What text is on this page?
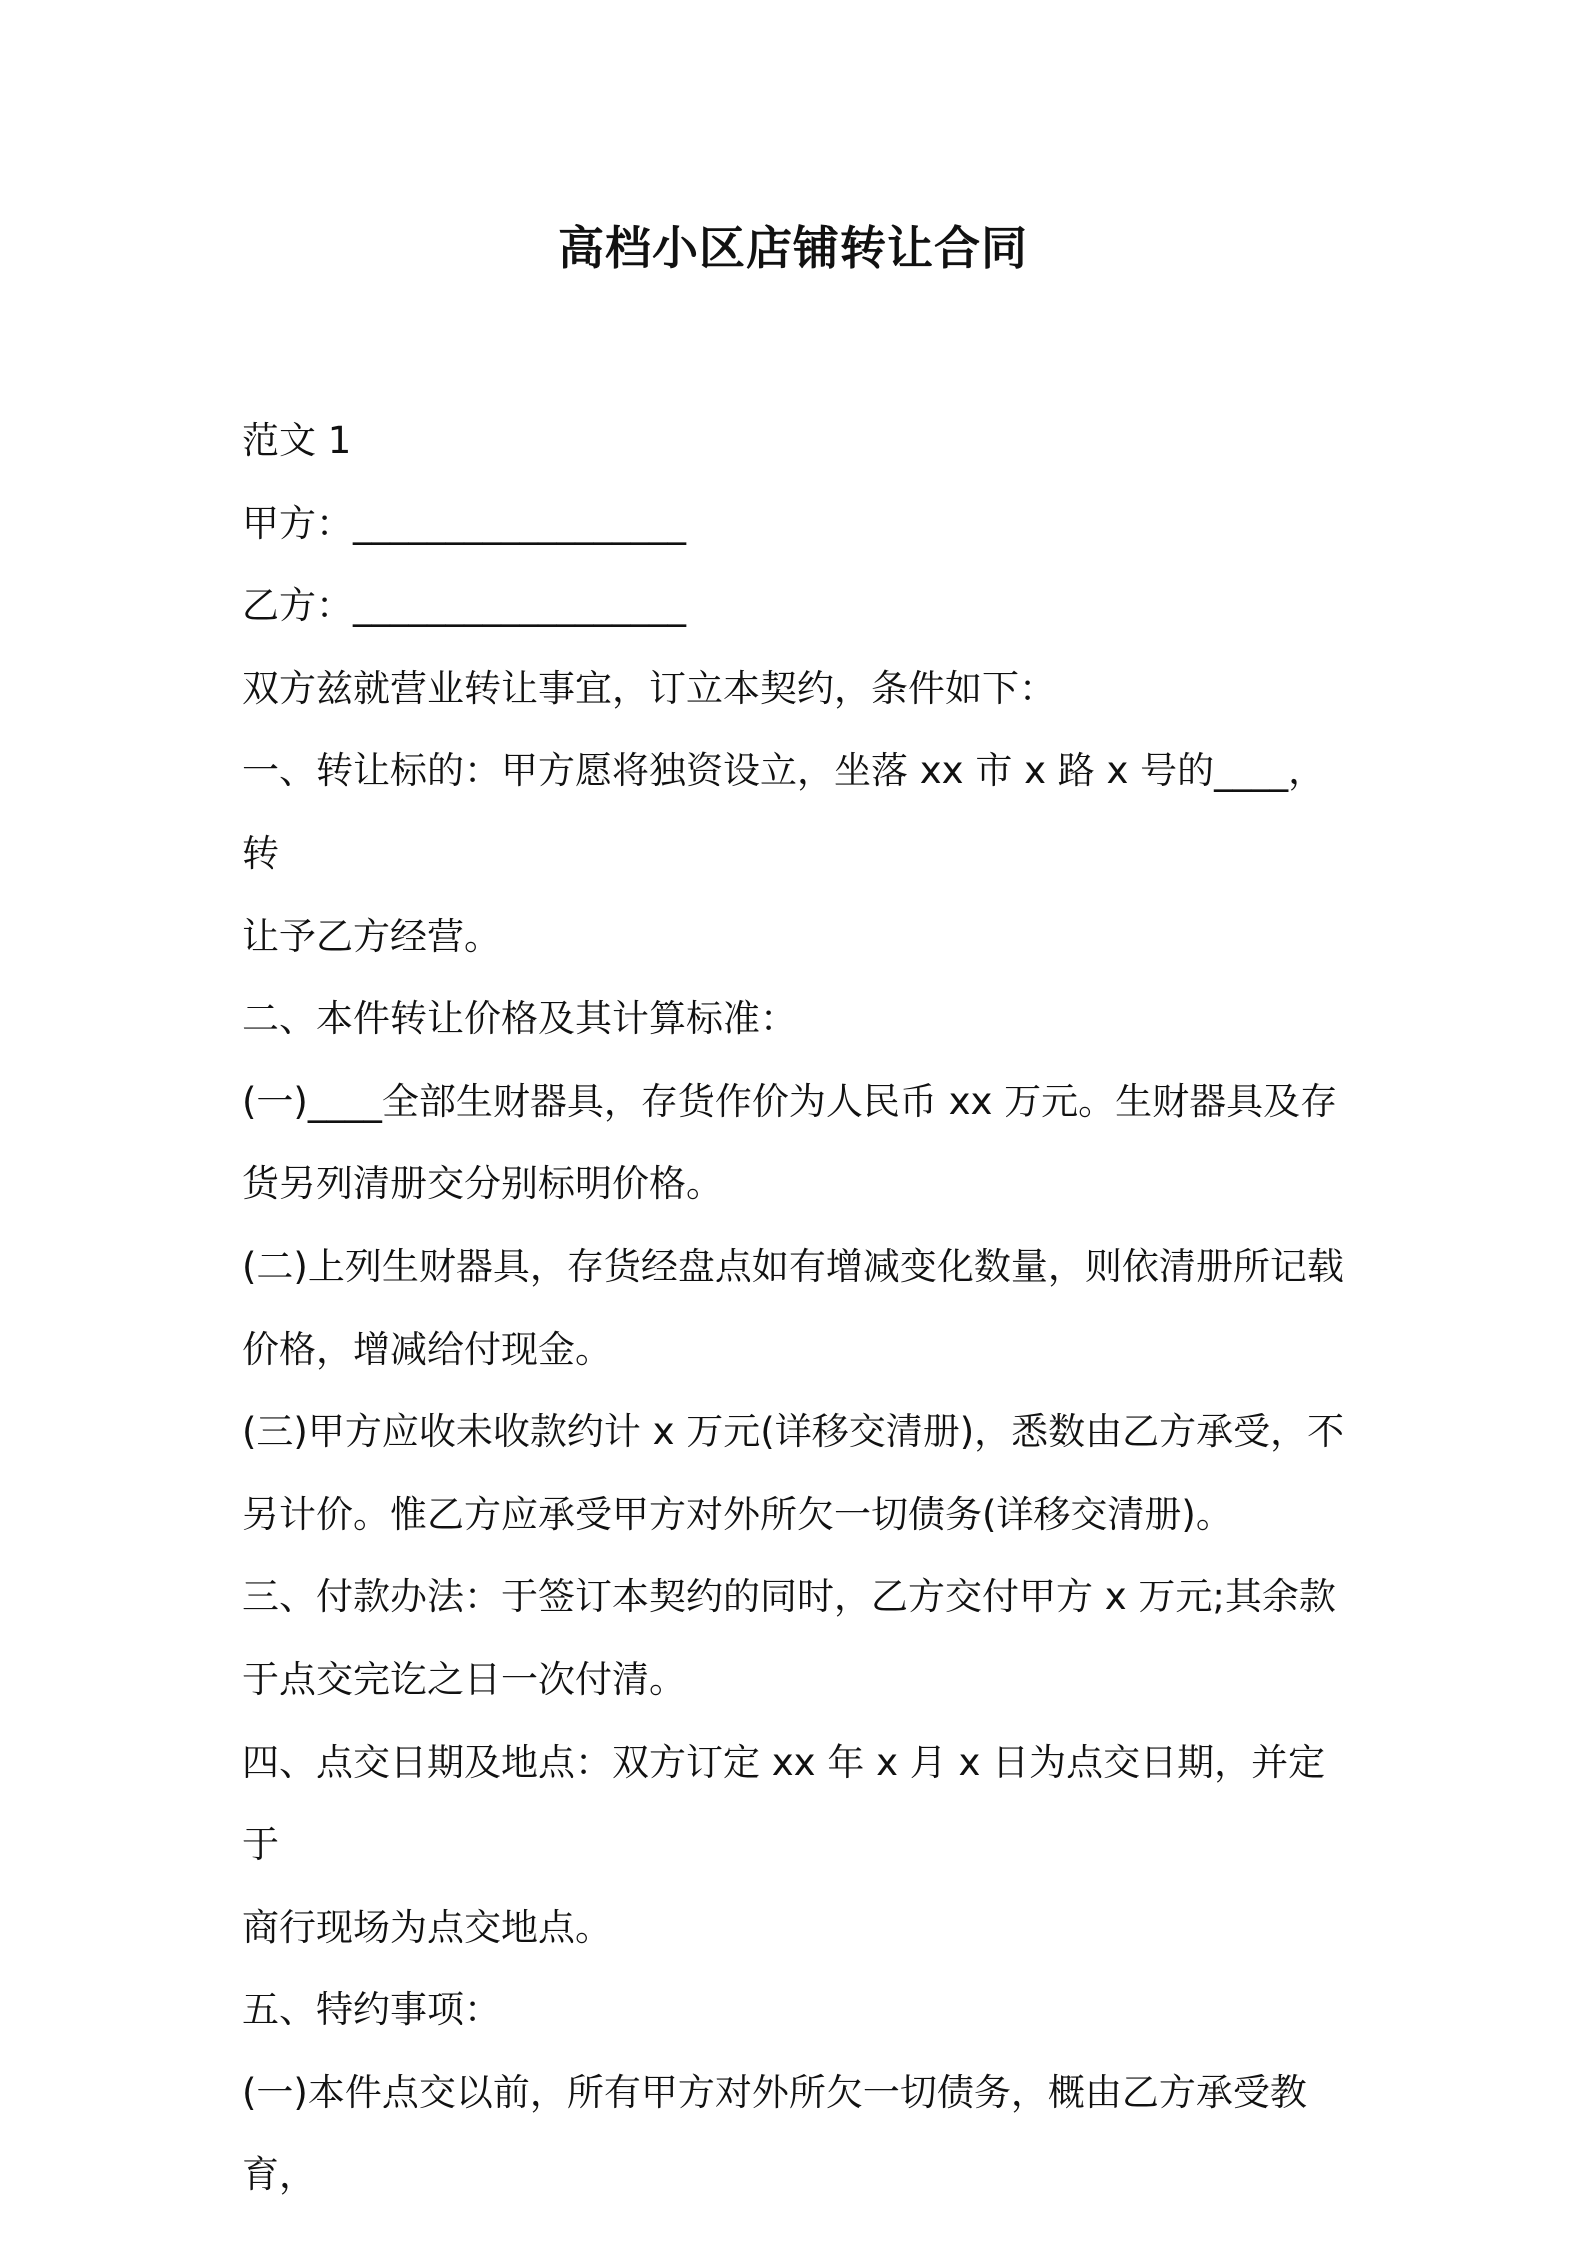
高档小区店铺转让合同

范文 1

甲方：__________________

乙方：__________________

双方兹就营业转让事宜，订立本契约，条件如下：

一、转让标的：甲方愿将独资设立，坐落 xx 市 x 路 x 号的____，转

让予乙方经营。

二、本件转让价格及其计算标准：

(一)____全部生财器具，存货作价为人民币 xx 万元。生财器具及存

货另列清册交分别标明价格。

(二)上列生财器具，存货经盘点如有增减变化数量，则依清册所记载

价格，增减给付现金。

(三)甲方应收未收款约计 x 万元(详移交清册)，悉数由乙方承受，不

另计价。惟乙方应承受甲方对外所欠一切债务(详移交清册)。

三、付款办法：于签订本契约的同时，乙方交付甲方 x 万元;其余款

于点交完讫之日一次付清。

四、点交日期及地点：双方订定 xx 年 x 月 x 日为点交日期，并定于

商行现场为点交地点。

五、特约事项：

(一)本件点交以前，所有甲方对外所欠一切债务，概由乙方承受教育，
